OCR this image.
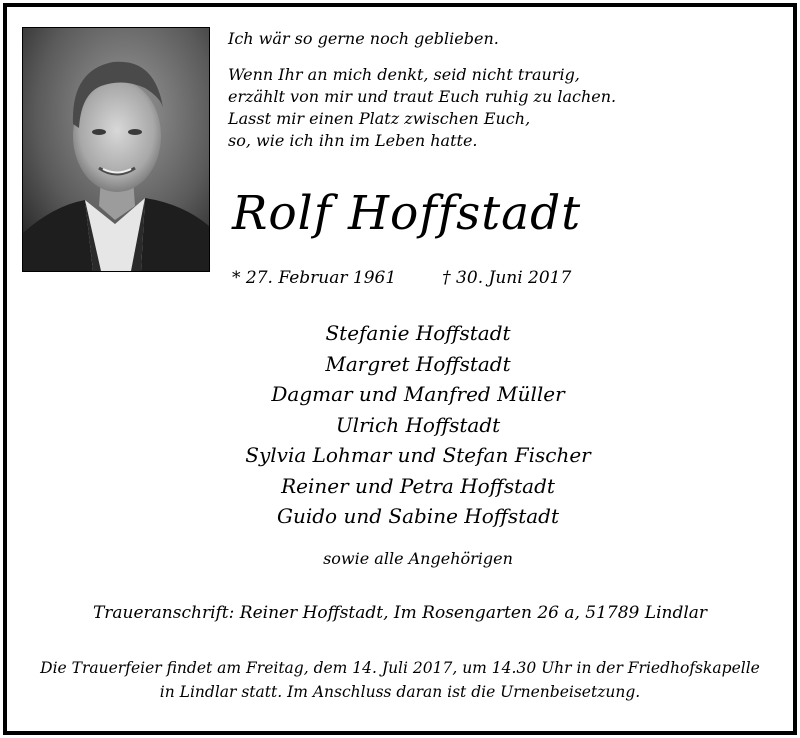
Ich wär so gerne noch geblieben.
Wenn Ihr an mich denkt, seid nicht traurig,
erzählt von mir und traut Euch ruhig zu lachen.
Lasst mir einen Platz zwischen Euch,
so, wie ich ihn im Leben hatte.
Rolf Hoffstadt
* 27. Februar 1961	† 30. Juni 2017
Stefanie Hoffstadt
Margret Hoffstadt
Dagmar und Manfred Müller
Ulrich Hoffstadt
Sylvia Lohmar und Stefan Fischer
Reiner und Petra Hoffstadt
Guido und Sabine Hoffstadt
sowie alle Angehörigen
Traueranschrift: Reiner Hoffstadt, Im Rosengarten 26 a, 51789 Lindlar
Die Trauerfeier findet am Freitag, dem 14. Juli 2017, um 14.30 Uhr in der Friedhofskapelle
in Lindlar statt. Im Anschluss daran ist die Urnenbeisetzung.
